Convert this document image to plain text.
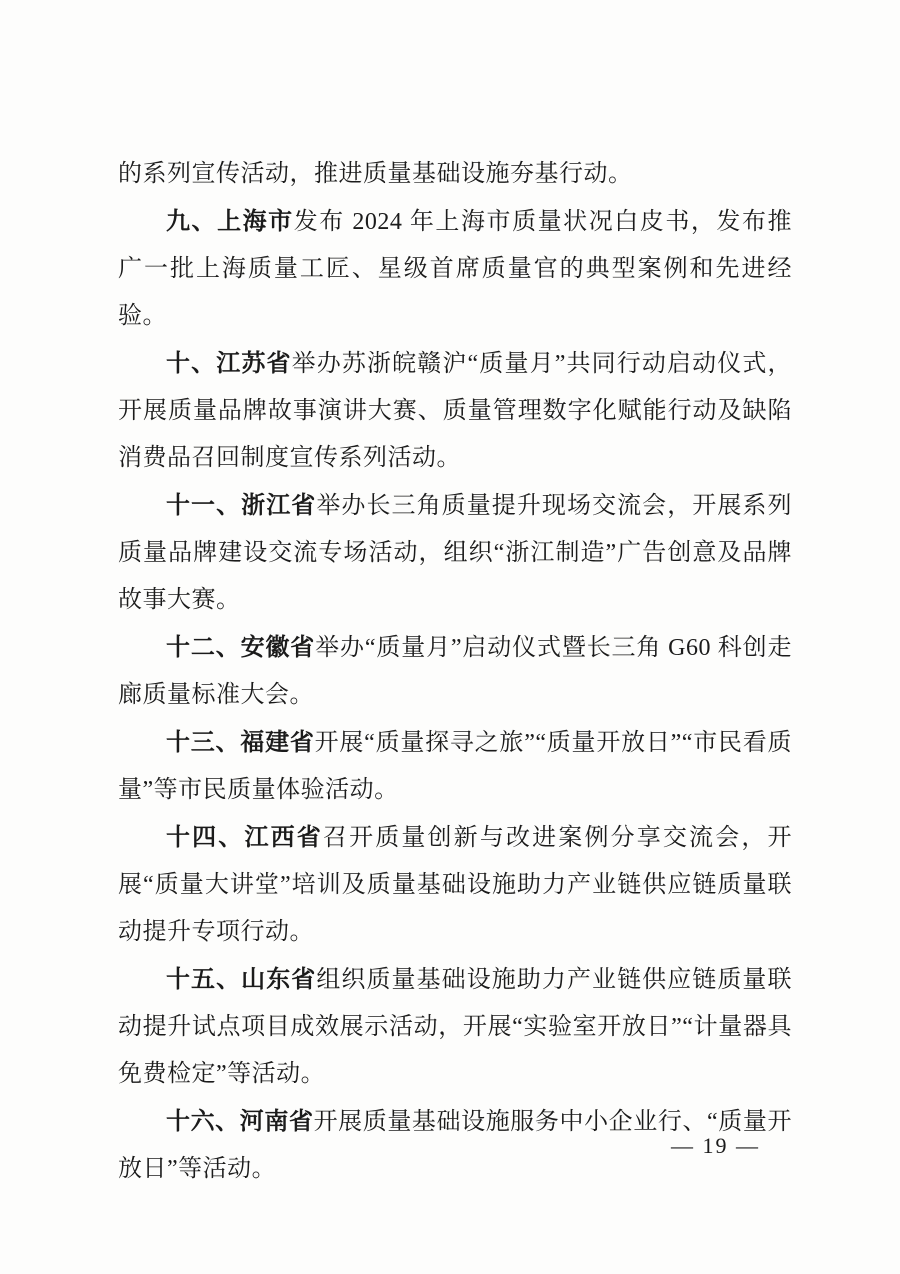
的系列宣传活动，推进质量基础设施夯基行动。

九、上海市发布 2024 年上海市质量状况白皮书，发布推广一批上海质量工匠、星级首席质量官的典型案例和先进经验。

十、江苏省举办苏浙皖赣沪“质量月”共同行动启动仪式，开展质量品牌故事演讲大赛、质量管理数字化赋能行动及缺陷消费品召回制度宣传系列活动。

十一、浙江省举办长三角质量提升现场交流会，开展系列质量品牌建设交流专场活动，组织“浙江制造”广告创意及品牌故事大赛。

十二、安徽省举办“质量月”启动仪式暨长三角 G60 科创走廊质量标准大会。

十三、福建省开展“质量探寻之旅”“质量开放日”“市民看质量”等市民质量体验活动。

十四、江西省召开质量创新与改进案例分享交流会，开展“质量大讲堂”培训及质量基础设施助力产业链供应链质量联动提升专项行动。

十五、山东省组织质量基础设施助力产业链供应链质量联动提升试点项目成效展示活动，开展“实验室开放日”“计量器具免费检定”等活动。

十六、河南省开展质量基础设施服务中小企业行、“质量开放日”等活动。

— 19 —
